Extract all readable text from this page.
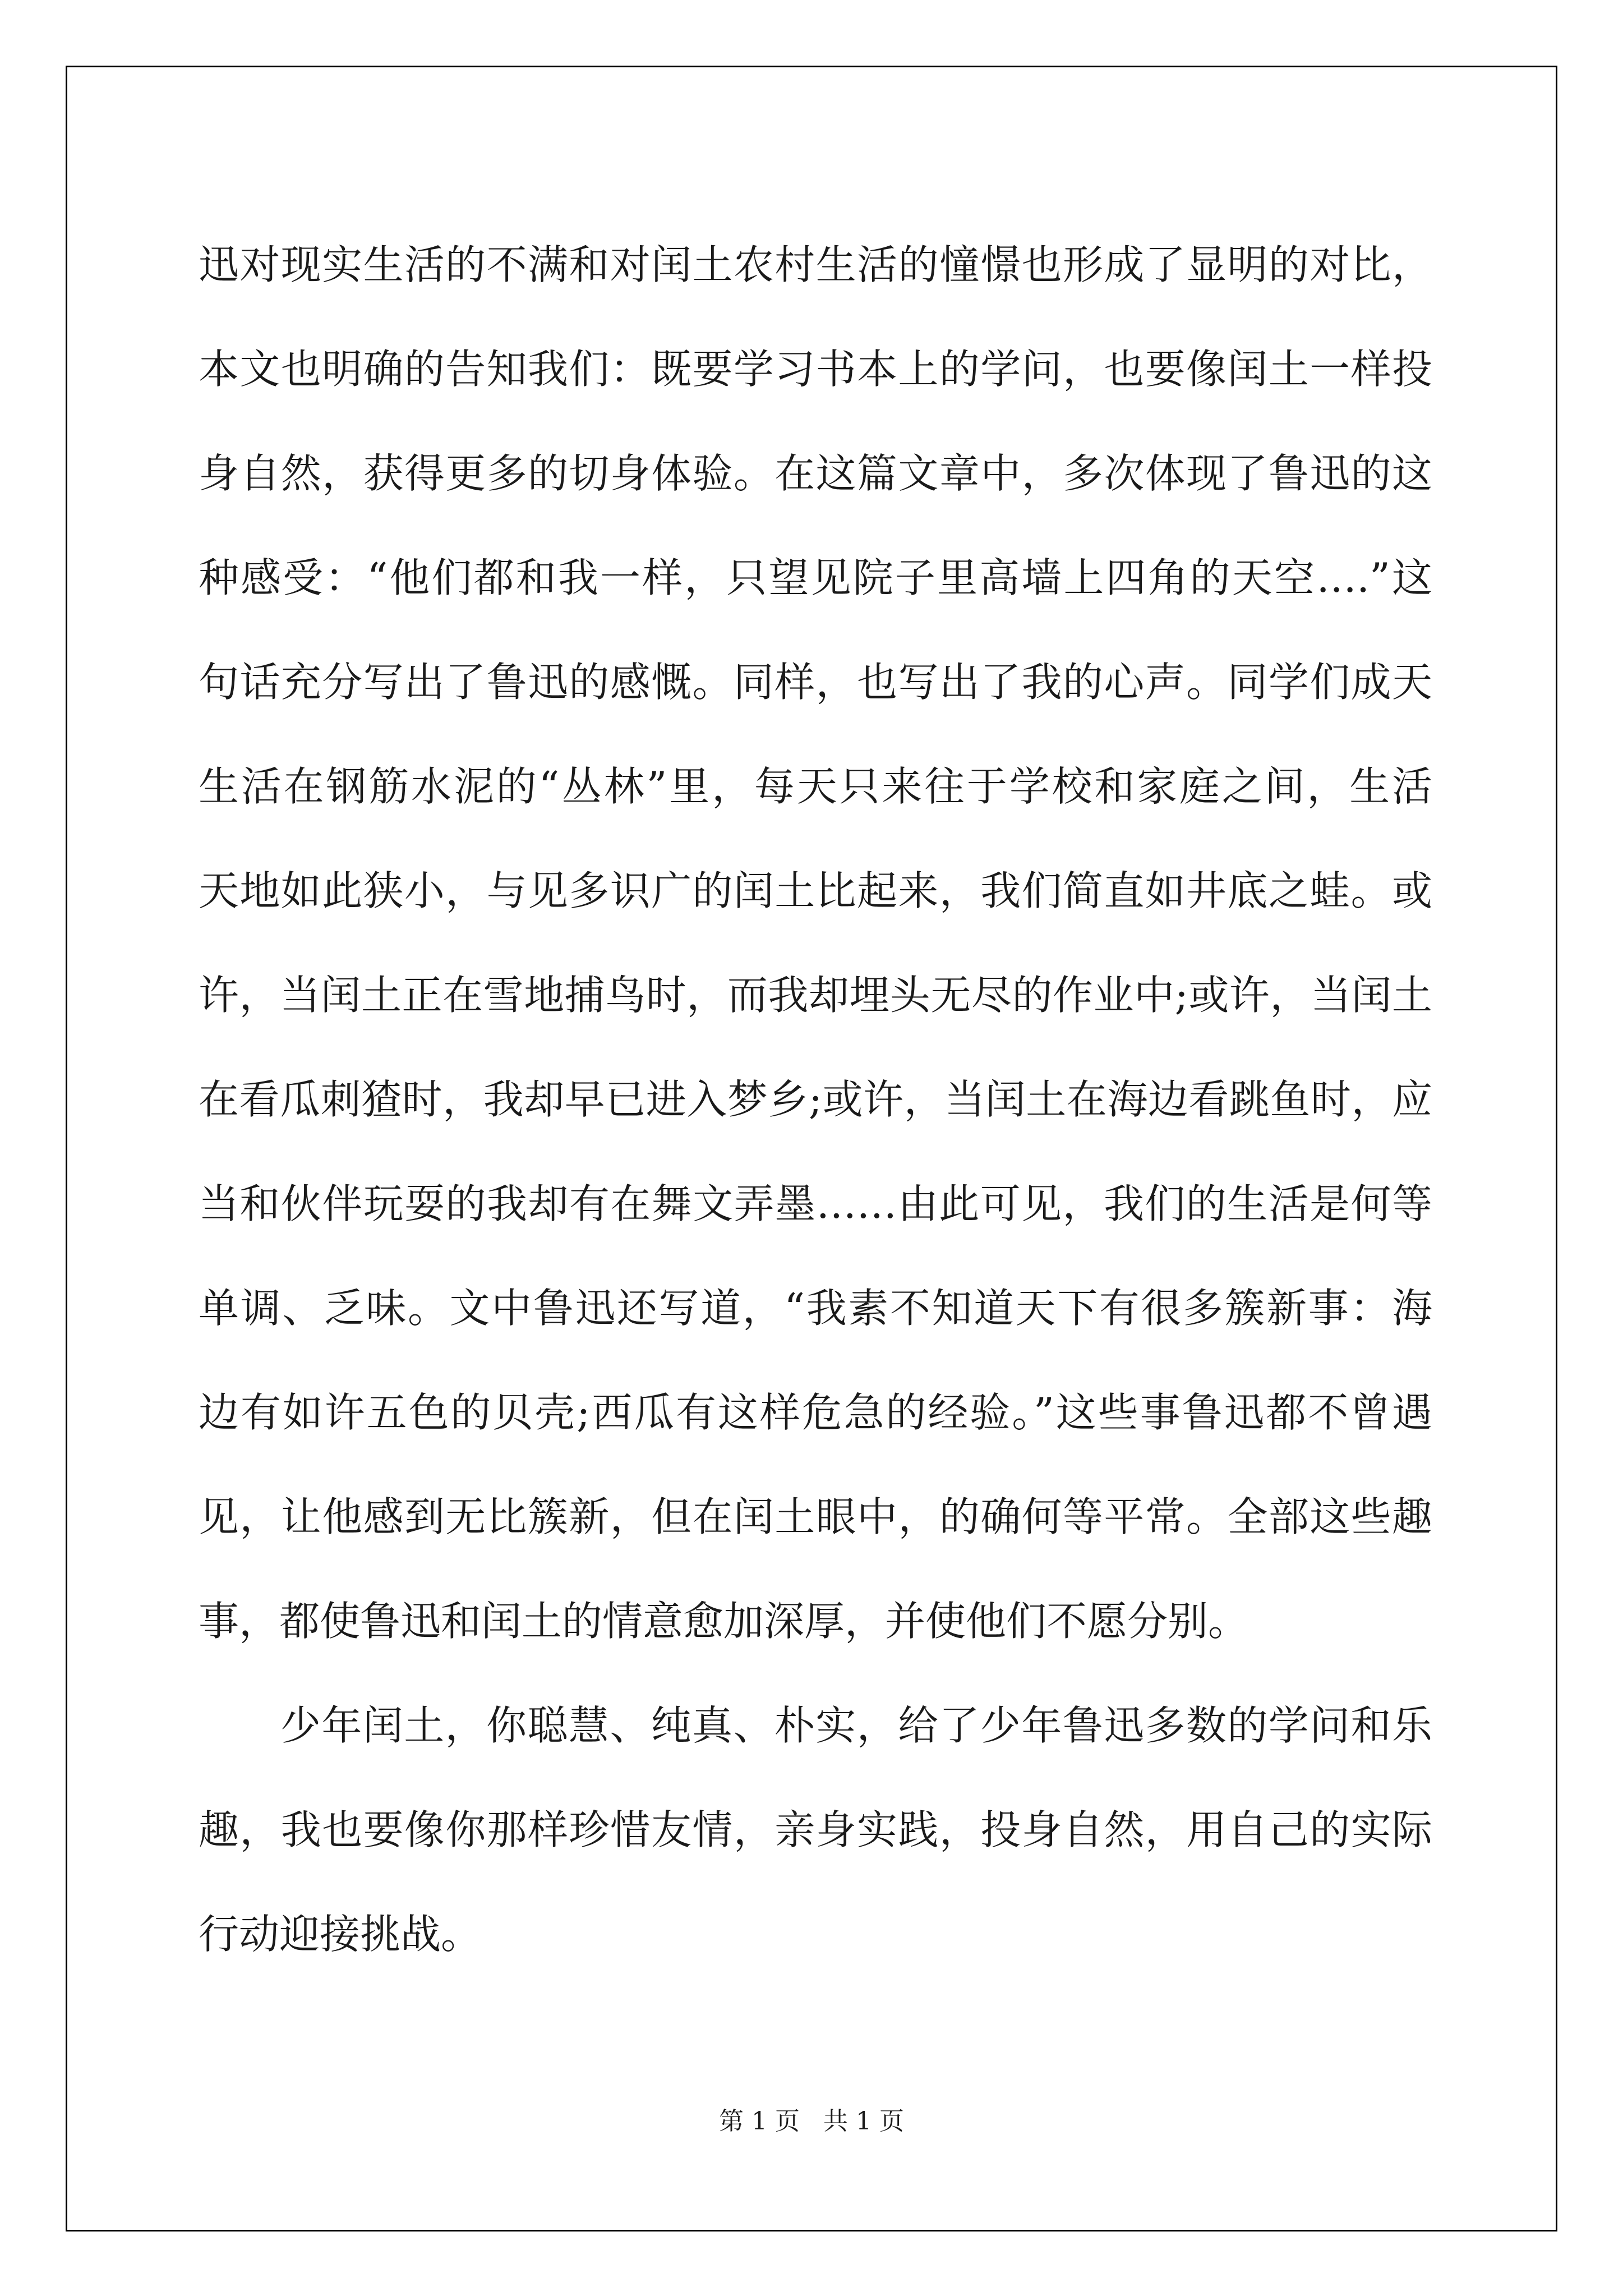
迅对现实生活的不满和对闰土农村生活的憧憬也形成了显明的对比，
本文也明确的告知我们：既要学习书本上的学问，也要像闰土一样投
身自然，获得更多的切身体验。在这篇文章中，多次体现了鲁迅的这
种感受：“他们都和我一样，只望见院子里高墙上四角的天空….”这
句话充分写出了鲁迅的感慨。同样，也写出了我的心声。同学们成天
生活在钢筋水泥的“丛林”里，每天只来往于学校和家庭之间，生活
天地如此狭小，与见多识广的闰土比起来，我们简直如井底之蛙。或
许，当闰土正在雪地捕鸟时，而我却埋头无尽的作业中;或许，当闰土
在看瓜刺猹时，我却早已进入梦乡;或许，当闰土在海边看跳鱼时，应
当和伙伴玩耍的我却有在舞文弄墨……由此可见，我们的生活是何等
单调、乏味。文中鲁迅还写道，“我素不知道天下有很多簇新事：海
边有如许五色的贝壳;西瓜有这样危急的经验。”这些事鲁迅都不曾遇
见，让他感到无比簇新，但在闰土眼中，的确何等平常。全部这些趣
事，都使鲁迅和闰土的情意愈加深厚，并使他们不愿分别。
少年闰土，你聪慧、纯真、朴实，给了少年鲁迅多数的学问和乐
趣，我也要像你那样珍惜友情，亲身实践，投身自然，用自己的实际
行动迎接挑战。
第 1 页   共 1 页
